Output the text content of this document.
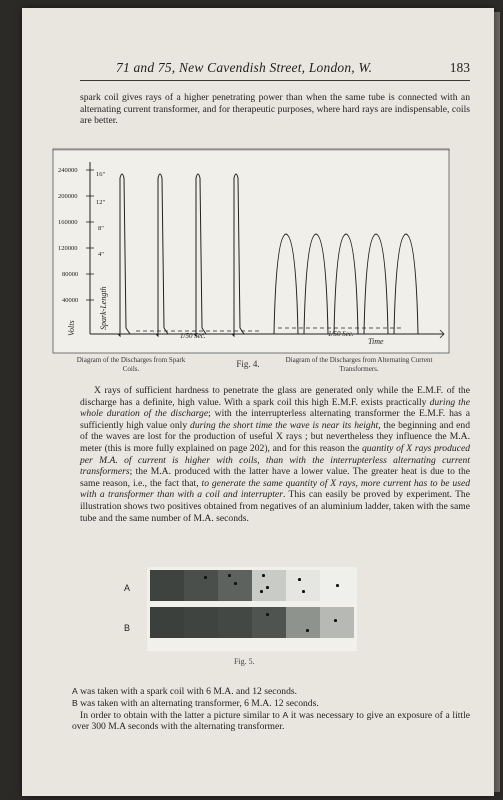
71 and 75, New Cavendish Street, London, W.	183

spark coil gives rays of a higher penetrating power than when the same tube is connected with an alternating current transformer, and for therapeutic purposes, where hard rays are indispensable, coils are better.

240000
200000
160000
120000
80000
40000
16"
12"
8"
4"
Volts	Spark-Length
1/50 Sec.	1/50 Sec.
Time
Diagram of the Discharges from Spark Coils.	Fig. 4.	Diagram of the Discharges from Alternating Current Transformers.

X rays of sufficient hardness to penetrate the glass are generated only while the E.M.F. of the discharge has a definite, high value. With a spark coil this high E.M.F. exists practically during the whole duration of the discharge; with the interrupterless alternating transformer the E.M.F. has a sufficiently high value only during the short time the wave is near its height, the beginning and end of the waves are lost for the production of useful X rays ; but nevertheless they influence the M.A. meter (this is more fully explained on page 202), and for this reason the quantity of X rays produced per M.A. of current is higher with coils, than with the interrupterless alternating current transformers; the M.A. produced with the latter have a lower value. The greater heat is due to the same reason, i.e., the fact that, to generate the same quantity of X rays, more current has to be used with a transformer than with a coil and interrupter. This can easily be proved by experiment. The illustration shows two positives obtained from negatives of an aluminium ladder, taken with the same tube and the same number of M.A. seconds.

A
B
Fig. 5.

A was taken with a spark coil with 6 M.A. and 12 seconds.

B was taken with an alternating transformer, 6 M.A. 12 seconds.

In order to obtain with the latter a picture similar to A it was necessary to give an exposure of a little over 300 M.A seconds with the alternating transformer.
